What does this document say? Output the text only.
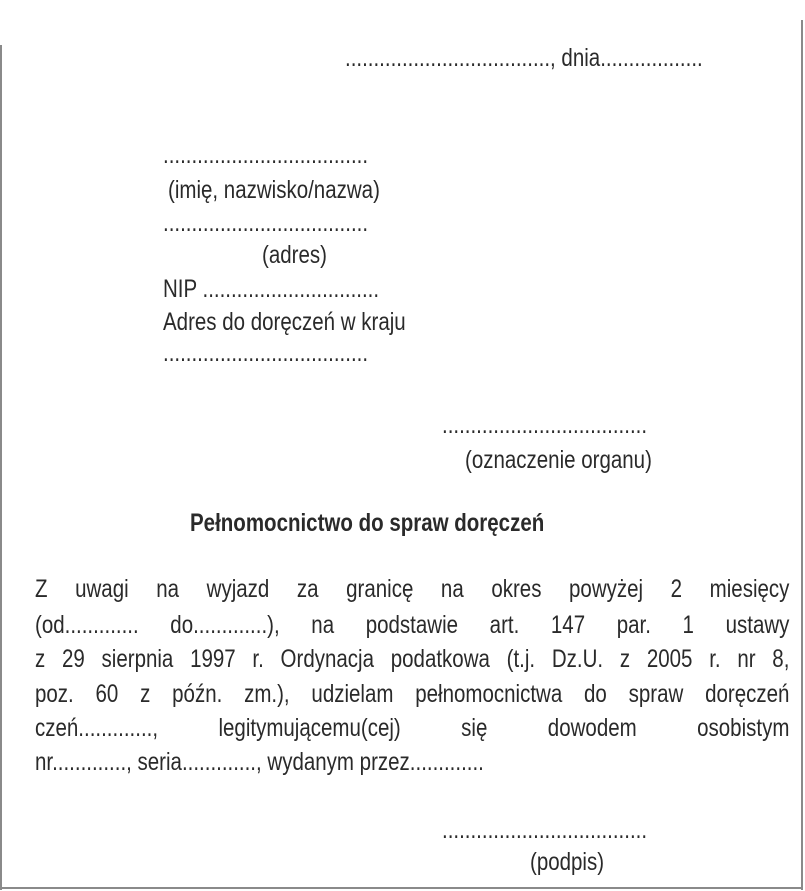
...................................., dnia..................
....................................
(imię, nazwisko/nazwa)
....................................
(adres)
NIP ...............................
Adres do doręczeń w kraju
....................................
....................................
(oznaczenie organu)
Pełnomocnictwo do spraw doręczeń
Z uwagi na wyjazd za granicę na okres powyżej 2 miesięcy
(od............. do.............), na podstawie art. 147 par. 1 ustawy
z 29 sierpnia 1997 r. Ordynacja podatkowa (t.j. Dz.U. z 2005 r. nr 8,
poz. 60 z późn. zm.), udzielam pełnomocnictwa do spraw doręczeń
czeń............., legitymującemu(cej) się dowodem osobistym
nr............., seria............., wydanym przez.............
....................................
(podpis)
